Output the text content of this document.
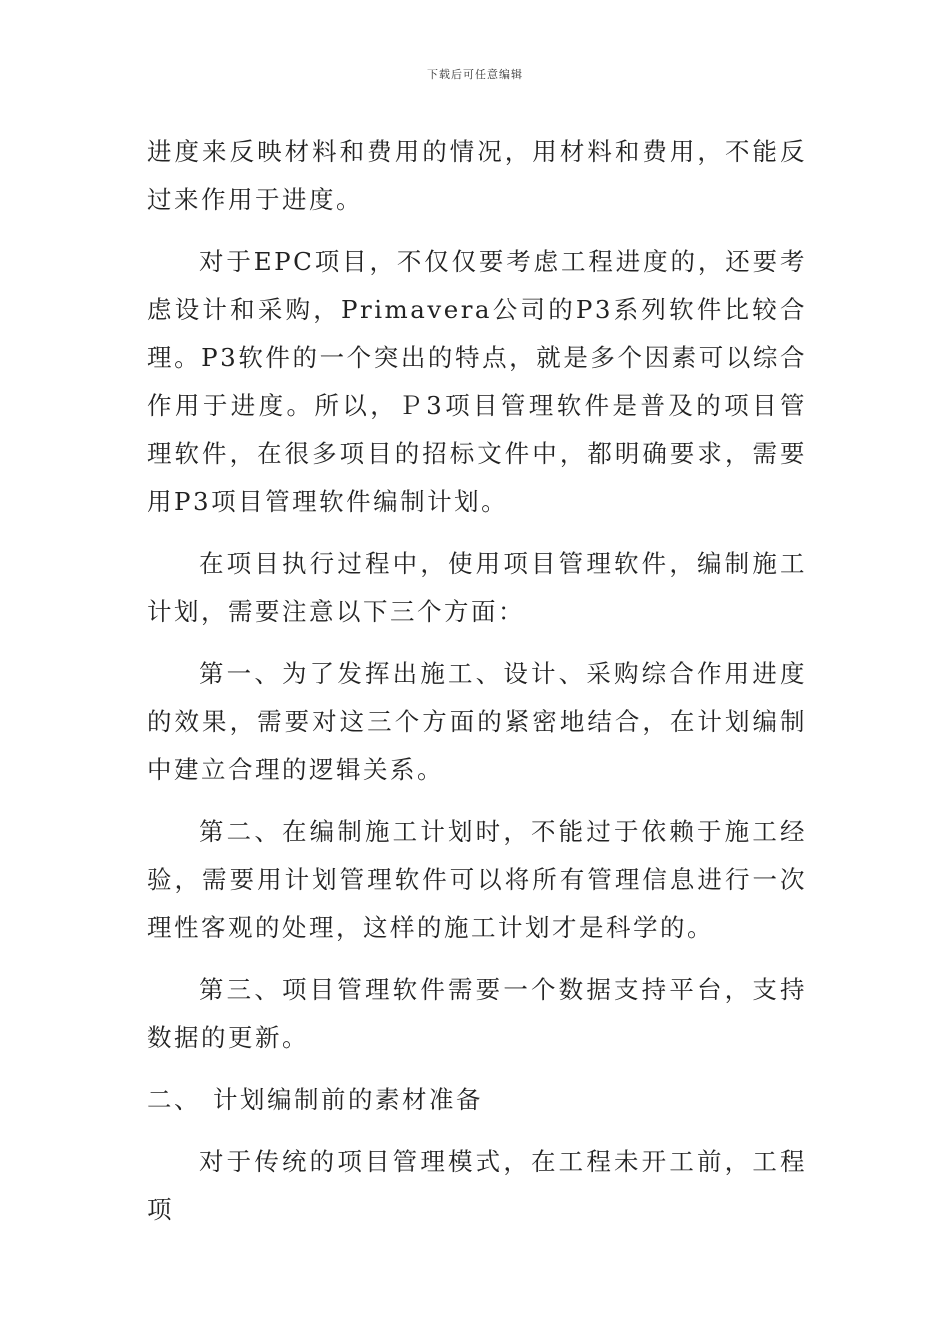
下载后可任意编辑

进度来反映材料和费用的情况，用材料和费用，不能反过来作用于进度。

对于EPC项目，不仅仅要考虑工程进度的，还要考虑设计和采购，Primavera公司的P3系列软件比较合理。P3软件的一个突出的特点，就是多个因素可以综合作用于进度。所以，Ｐ3项目管理软件是普及的项目管理软件，在很多项目的招标文件中，都明确要求，需要用P3项目管理软件编制计划。

在项目执行过程中，使用项目管理软件，编制施工计划，需要注意以下三个方面：

第一、为了发挥出施工、设计、采购综合作用进度的效果，需要对这三个方面的紧密地结合，在计划编制中建立合理的逻辑关系。

第二、在编制施工计划时，不能过于依赖于施工经验，需要用计划管理软件可以将所有管理信息进行一次理性客观的处理，这样的施工计划才是科学的。

第三、项目管理软件需要一个数据支持平台，支持数据的更新。

二、 计划编制前的素材准备

对于传统的项目管理模式，在工程未开工前，工程项
